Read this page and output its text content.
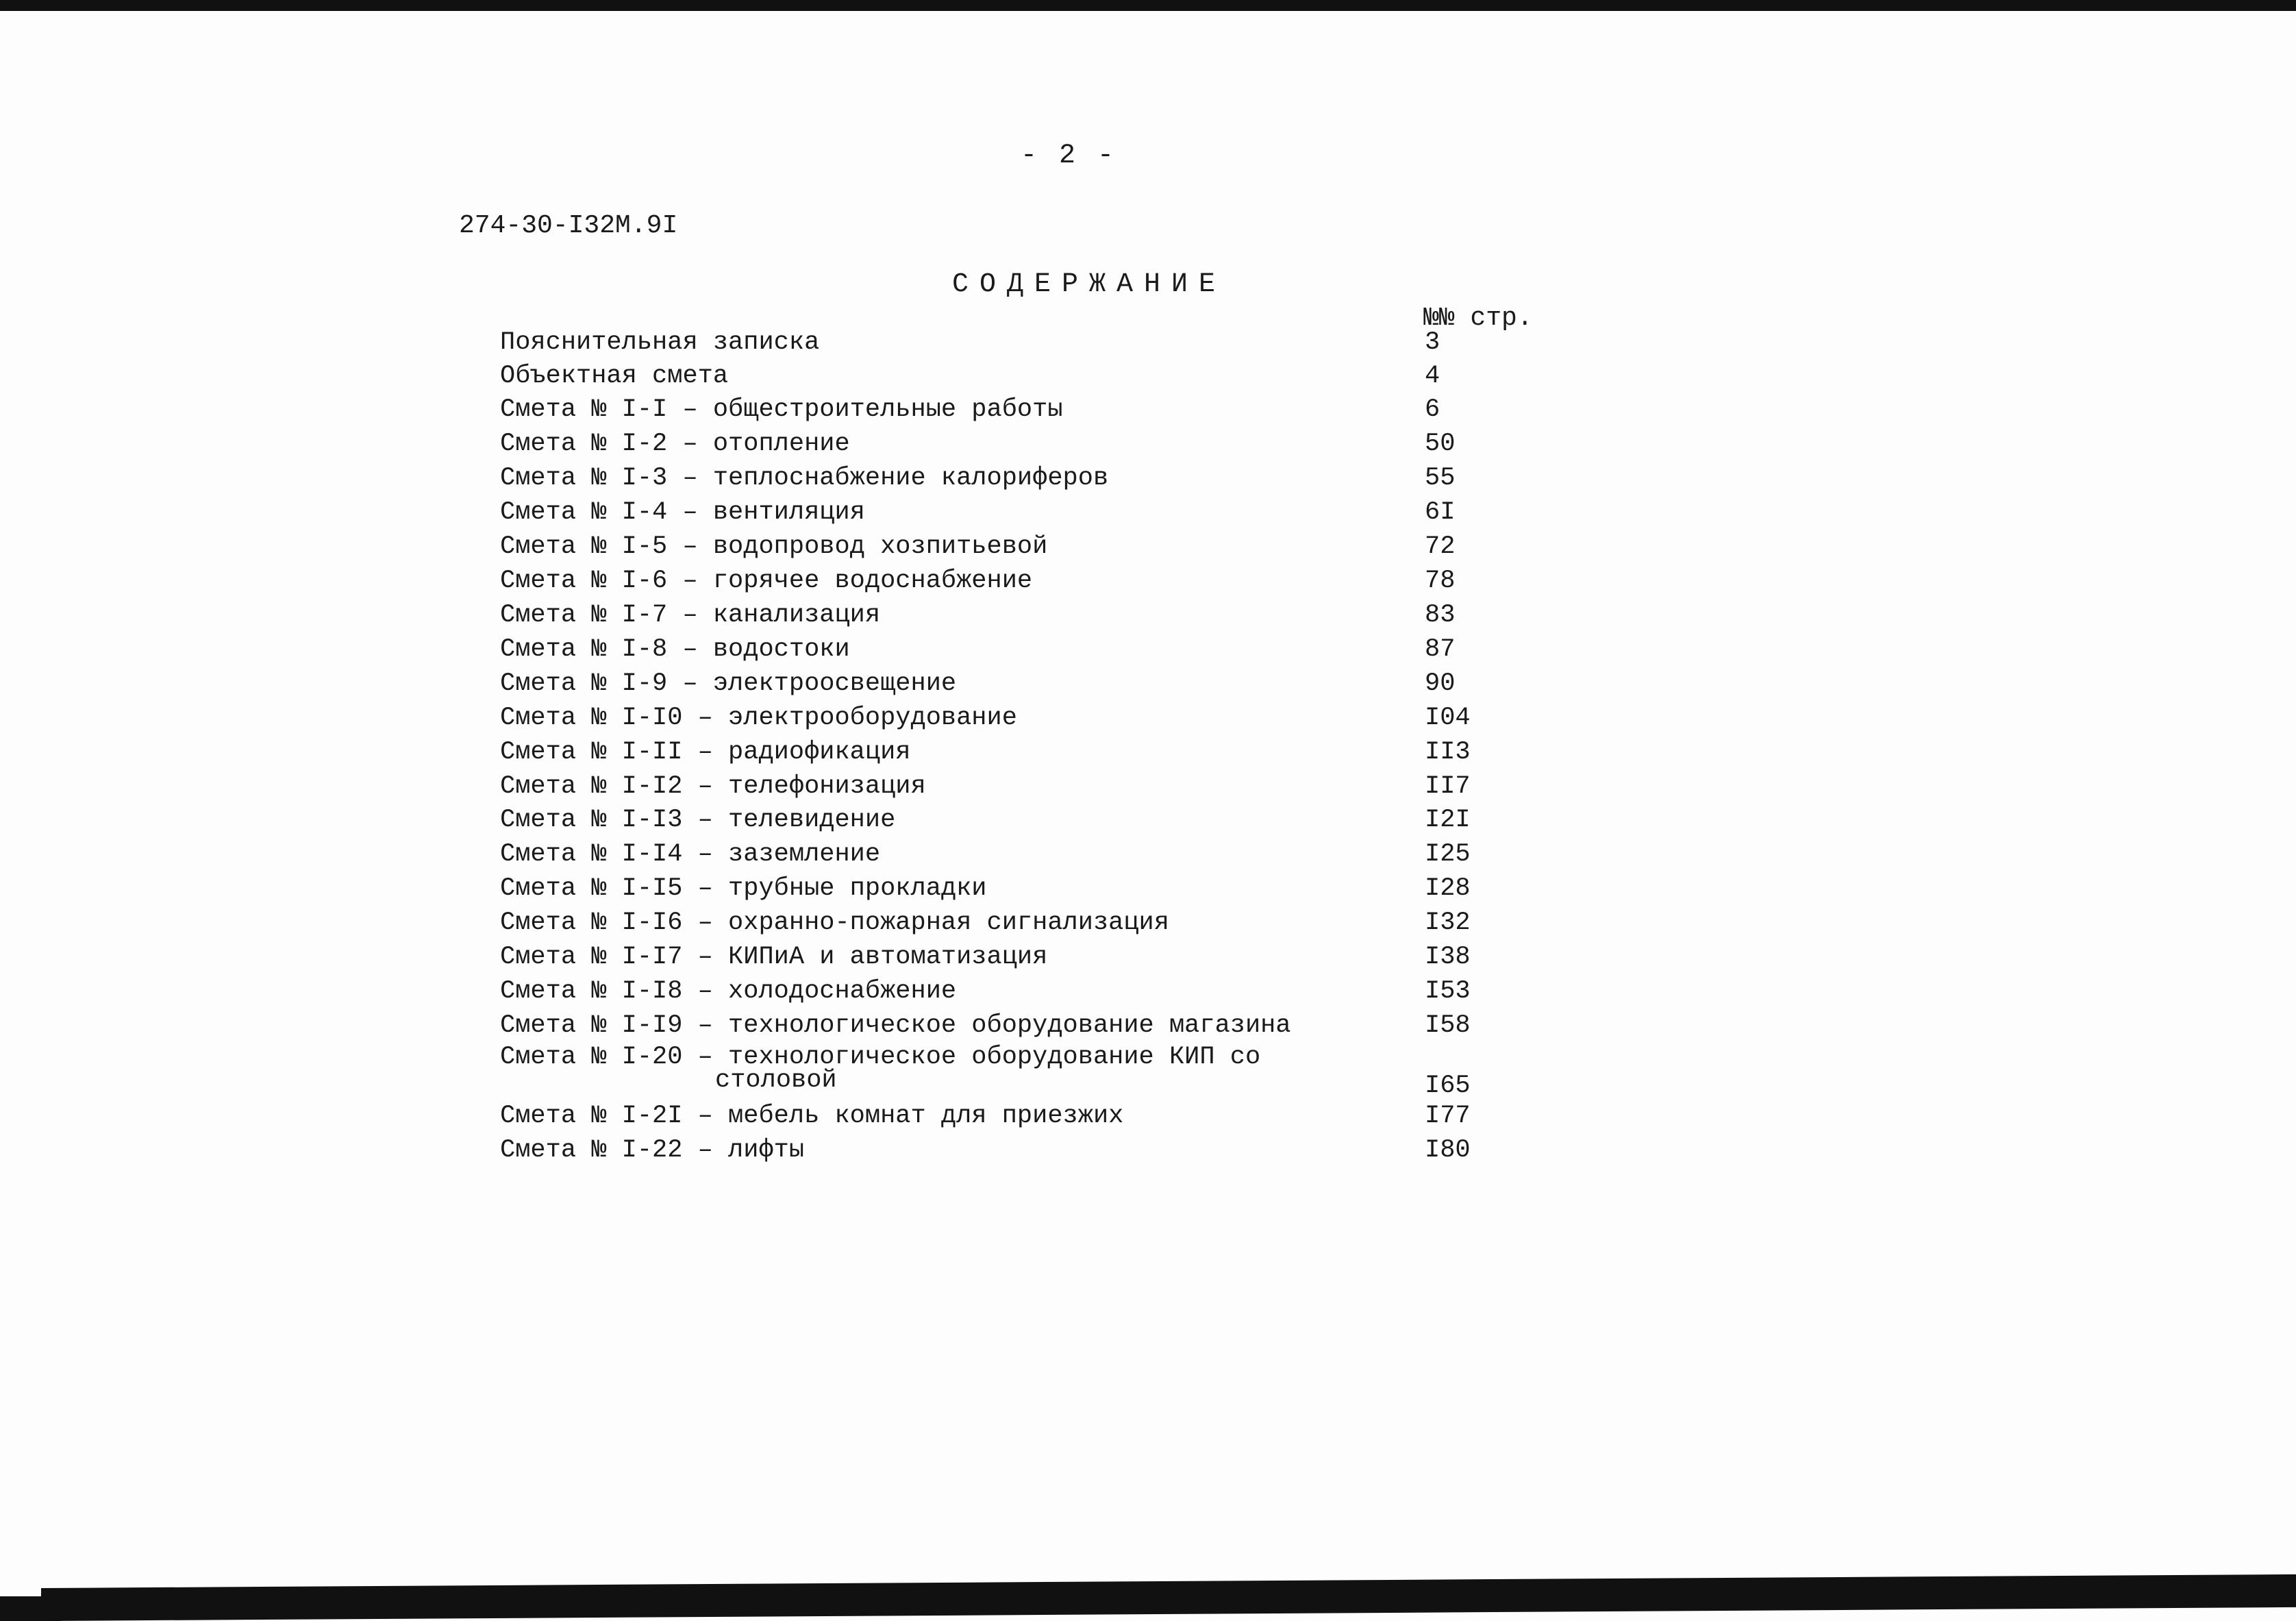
- 2 -
274-30-I32М.9I
СОДЕРЖАНИЕ
№№ стр.
Пояснительная записка	3
Объектная смета	4
Смета № I-I – общестроительные работы	6
Смета № I-2 – отопление	50
Смета № I-3 – теплоснабжение калориферов	55
Смета № I-4 – вентиляция	6I
Смета № I-5 – водопровод хозпитьевой	72
Смета № I-6 – горячее водоснабжение	78
Смета № I-7 – канализация	83
Смета № I-8 – водостоки	87
Смета № I-9 – электроосвещение	90
Смета № I-I0 – электрооборудование	I04
Смета № I-II – радиофикация	II3
Смета № I-I2 – телефонизация	II7
Смета № I-I3 – телевидение	I2I
Смета № I-I4 – заземление	I25
Смета № I-I5 – трубные прокладки	I28
Смета № I-I6 – охранно-пожарная сигнализация	I32
Смета № I-I7 – КИПиА и автоматизация	I38
Смета № I-I8 – холодоснабжение	I53
Смета № I-I9 – технологическое оборудование магазина	I58
Смета № I-20 – технологическое оборудование КИП со
столовой	I65
Смета № I-2I – мебель комнат для приезжих	I77
Смета № I-22 – лифты	I80
